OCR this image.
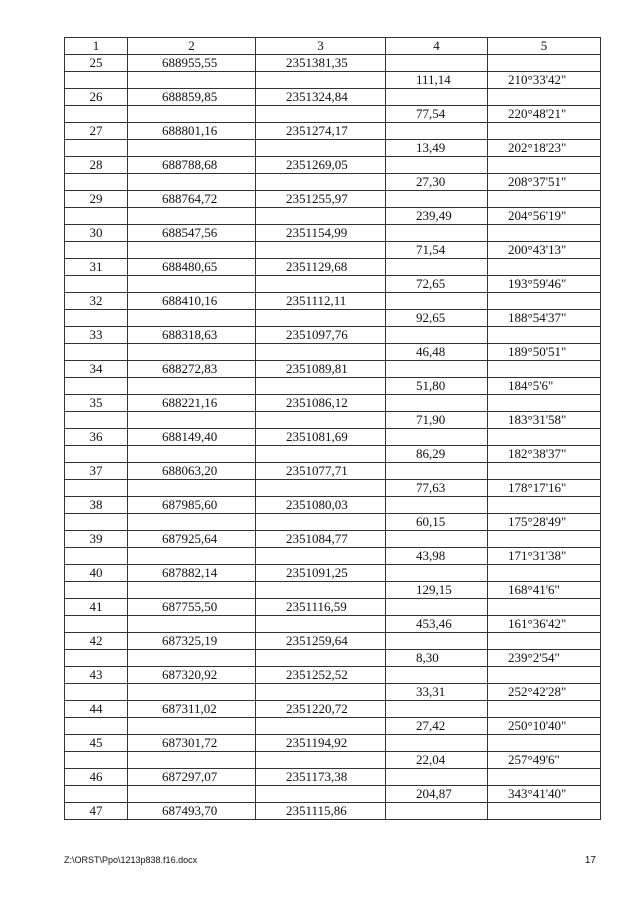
1	2	3	4	5
25	688955,55	2351381,35		
			111,14	210°33'42"
26	688859,85	2351324,84		
			77,54	220°48'21"
27	688801,16	2351274,17		
			13,49	202°18'23"
28	688788,68	2351269,05		
			27,30	208°37'51"
29	688764,72	2351255,97		
			239,49	204°56'19"
30	688547,56	2351154,99		
			71,54	200°43'13"
31	688480,65	2351129,68		
			72,65	193°59'46"
32	688410,16	2351112,11		
			92,65	188°54'37"
33	688318,63	2351097,76		
			46,48	189°50'51"
34	688272,83	2351089,81		
			51,80	184°5'6"
35	688221,16	2351086,12		
			71,90	183°31'58"
36	688149,40	2351081,69		
			86,29	182°38'37"
37	688063,20	2351077,71		
			77,63	178°17'16"
38	687985,60	2351080,03		
			60,15	175°28'49"
39	687925,64	2351084,77		
			43,98	171°31'38"
40	687882,14	2351091,25		
			129,15	168°41'6"
41	687755,50	2351116,59		
			453,46	161°36'42"
42	687325,19	2351259,64		
			8,30	239°2'54"
43	687320,92	2351252,52		
			33,31	252°42'28"
44	687311,02	2351220,72		
			27,42	250°10'40"
45	687301,72	2351194,92		
			22,04	257°49'6"
46	687297,07	2351173,38		
			204,87	343°41'40"
47	687493,70	2351115,86		
Z:\ORST\Ppo\1213p838.f16.docx	17
